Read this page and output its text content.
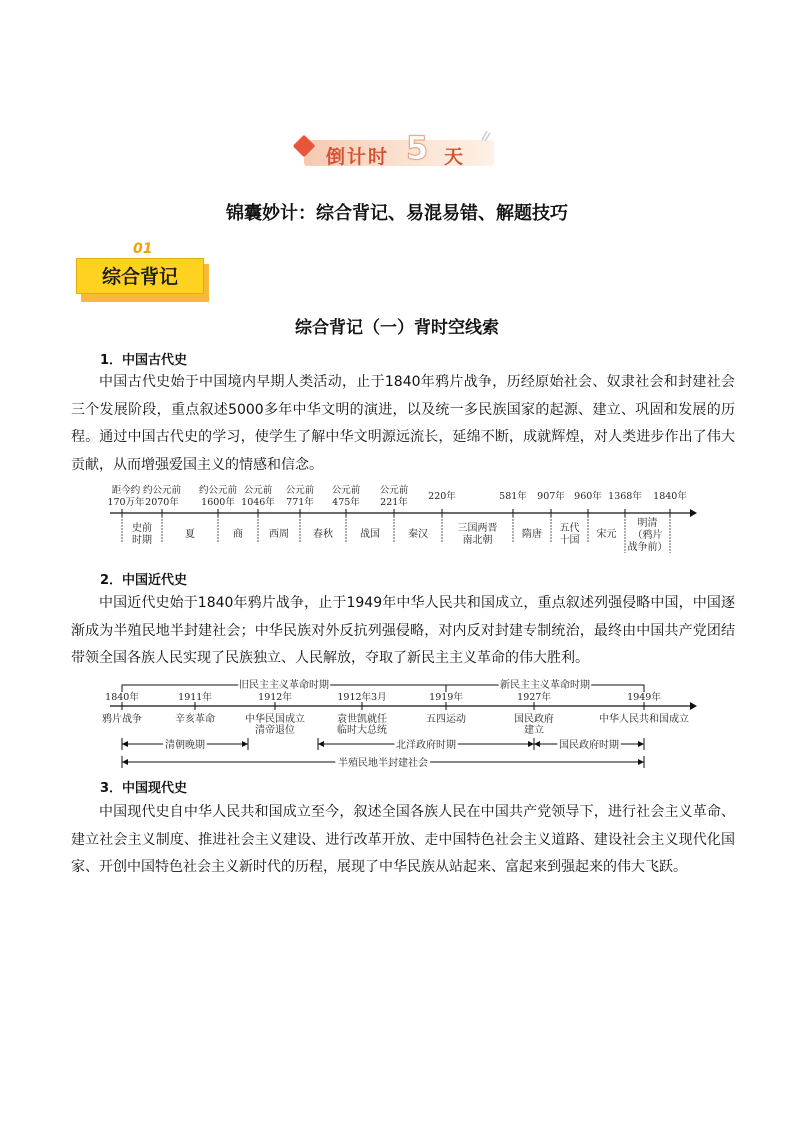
倒计时 5 天
锦囊妙计：综合背记、易混易错、解题技巧
01
综合背记
综合背记（一）背时空线索
1．中国古代史
中国古代史始于中国境内早期人类活动，止于1840年鸦片战争，历经原始社会、奴隶社会和封建社会三个发展阶段，重点叙述5000多年中华文明的演进，以及统一多民族国家的起源、建立、巩固和发展的历程。通过中国古代史的学习，使学生了解中华文明源远流长，延绵不断，成就辉煌，对人类进步作出了伟大贡献，从而增强爱国主义的情感和信念。
距今约 170万年
约公元前 2070年
约公元前 1600年
公元前 1046年
公元前 771年
公元前 475年
公元前 221年
220年	581年 907年 960年 1368年 1840年
史前时期
夏	商	西周 春秋	战国	秦汉
三国两晋南北朝
隋唐
五代十国
宋元
明清（鸦片战争前）
旧民主主义革命时期	新民主主义革命时期
1840年
鸦片战争
1911年
辛亥革命
1912年
中华民国成立清帝退位
1912年3月
袁世凯就任临时大总统
1919年
五四运动
1927年
国民政府建立
1949年
中华人民共和国成立
清朝晚期	北洋政府时期	国民政府时期
半殖民地半封建社会
2．中国近代史
中国近代史始于1840年鸦片战争，止于1949年中华人民共和国成立，重点叙述列强侵略中国，中国逐渐成为半殖民地半封建社会；中华民族对外反抗列强侵略，对内反对封建专制统治，最终由中国共产党团结带领全国各族人民实现了民族独立、人民解放，夺取了新民主主义革命的伟大胜利。
3．中国现代史
中国现代史自中华人民共和国成立至今，叙述全国各族人民在中国共产党领导下，进行社会主义革命、建立社会主义制度、推进社会主义建设、进行改革开放、走中国特色社会主义道路、建设社会主义现代化国家、开创中国特色社会主义新时代的历程，展现了中华民族从站起来、富起来到强起来的伟大飞跃。
